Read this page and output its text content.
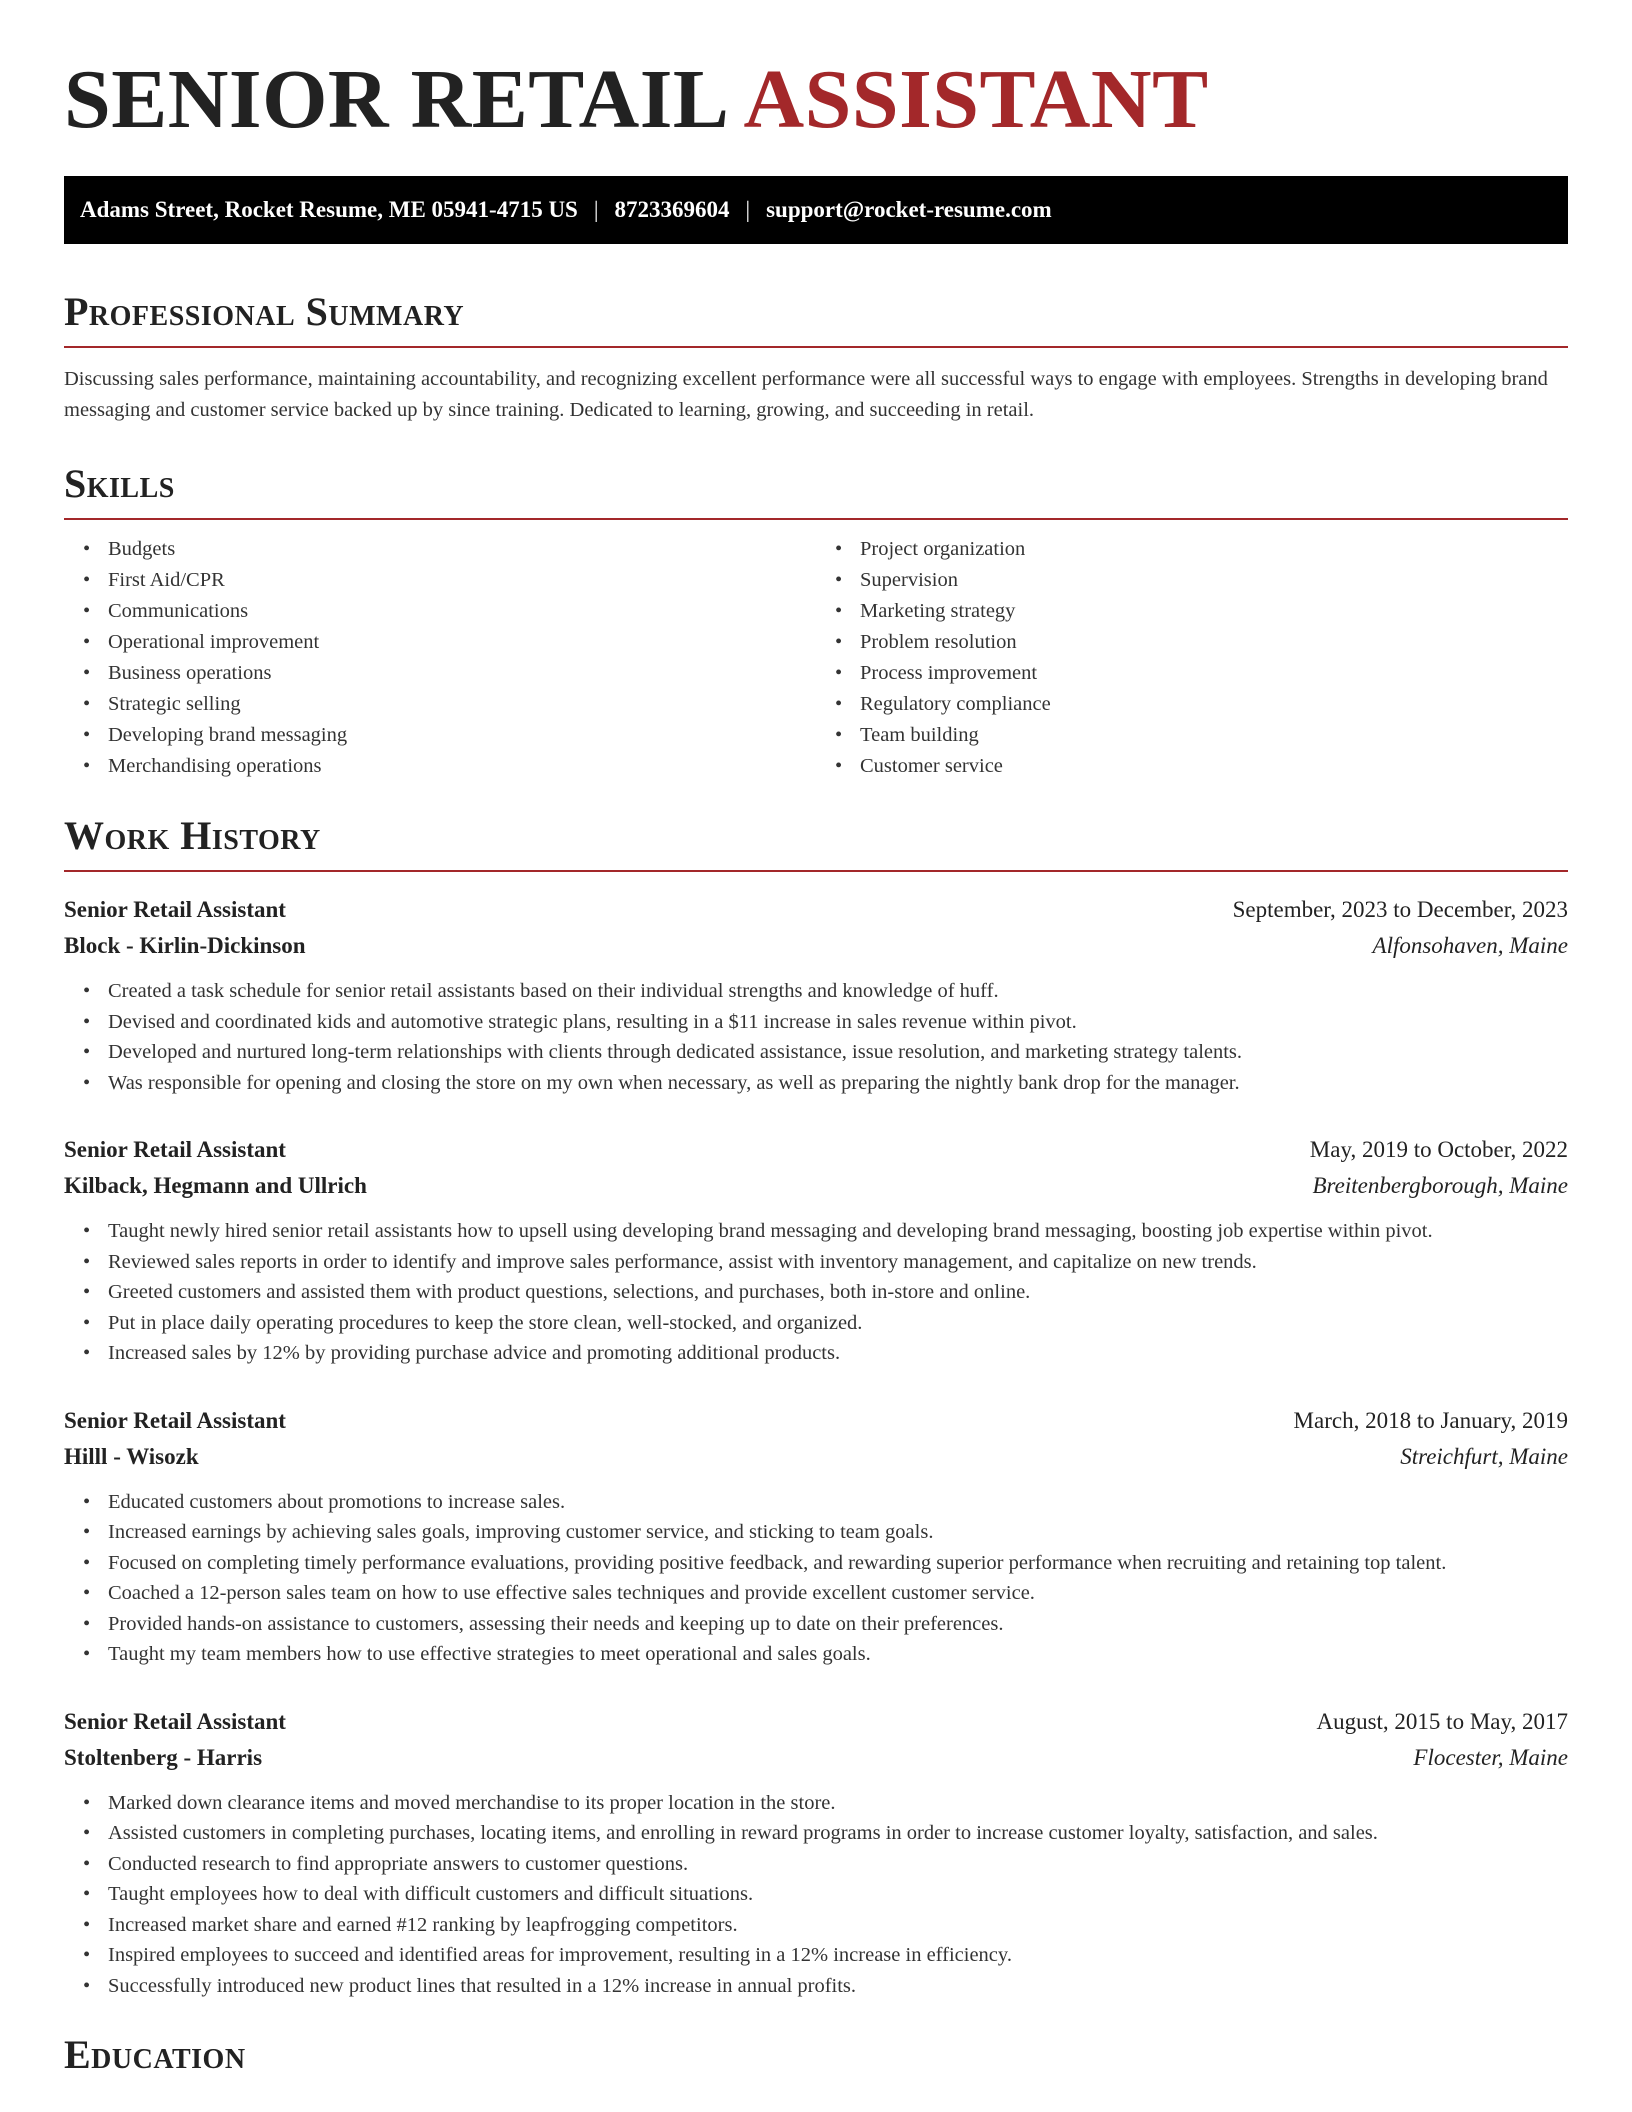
SENIOR RETAIL ASSISTANT
Adams Street, Rocket Resume, ME 05941-4715 US | 8723369604 | support@rocket-resume.com
Professional Summary

Discussing sales performance, maintaining accountability, and recognizing excellent performance were all successful ways to engage with employees. Strengths in developing brand messaging and customer service backed up by since training. Dedicated to learning, growing, and succeeding in retail.

Skills
• Budgets
• First Aid/CPR
• Communications
• Operational improvement
• Business operations
• Strategic selling
• Developing brand messaging
• Merchandising operations
• Project organization
• Supervision
• Marketing strategy
• Problem resolution
• Process improvement
• Regulatory compliance
• Team building
• Customer service
Work History
Senior Retail Assistant	September, 2023 to December, 2023
Block - Kirlin-Dickinson	Alfonsohaven, Maine
• Created a task schedule for senior retail assistants based on their individual strengths and knowledge of huff.
• Devised and coordinated kids and automotive strategic plans, resulting in a $11 increase in sales revenue within pivot.
• Developed and nurtured long-term relationships with clients through dedicated assistance, issue resolution, and marketing strategy talents.
• Was responsible for opening and closing the store on my own when necessary, as well as preparing the nightly bank drop for the manager.
Senior Retail Assistant	May, 2019 to October, 2022
Kilback, Hegmann and Ullrich	Breitenbergborough, Maine
• Taught newly hired senior retail assistants how to upsell using developing brand messaging and developing brand messaging, boosting job expertise within pivot.
• Reviewed sales reports in order to identify and improve sales performance, assist with inventory management, and capitalize on new trends.
• Greeted customers and assisted them with product questions, selections, and purchases, both in-store and online.
• Put in place daily operating procedures to keep the store clean, well-stocked, and organized.
• Increased sales by 12% by providing purchase advice and promoting additional products.
Senior Retail Assistant	March, 2018 to January, 2019
Hilll - Wisozk	Streichfurt, Maine
• Educated customers about promotions to increase sales.
• Increased earnings by achieving sales goals, improving customer service, and sticking to team goals.
• Focused on completing timely performance evaluations, providing positive feedback, and rewarding superior performance when recruiting and retaining top talent.
• Coached a 12-person sales team on how to use effective sales techniques and provide excellent customer service.
• Provided hands-on assistance to customers, assessing their needs and keeping up to date on their preferences.
• Taught my team members how to use effective strategies to meet operational and sales goals.
Senior Retail Assistant	August, 2015 to May, 2017
Stoltenberg - Harris	Flocester, Maine
• Marked down clearance items and moved merchandise to its proper location in the store.
• Assisted customers in completing purchases, locating items, and enrolling in reward programs in order to increase customer loyalty, satisfaction, and sales.
• Conducted research to find appropriate answers to customer questions.
• Taught employees how to deal with difficult customers and difficult situations.
• Increased market share and earned #12 ranking by leapfrogging competitors.
• Inspired employees to succeed and identified areas for improvement, resulting in a 12% increase in efficiency.
• Successfully introduced new product lines that resulted in a 12% increase in annual profits.
Education
